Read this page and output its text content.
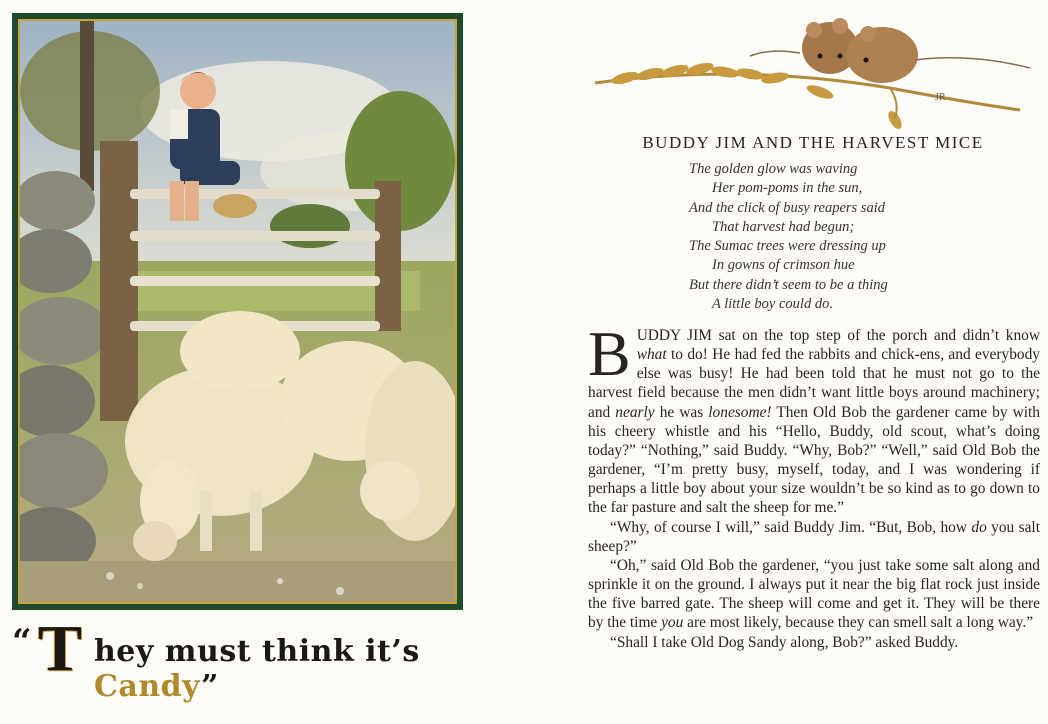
“ T hey must think it’s Candy”
JR
BUDDY JIM AND THE HARVEST MICE
The golden glow was waving
Her pom-poms in the sun,
And the click of busy reapers said
That harvest had begun;
The Sumac trees were dressing up
In gowns of crimson hue
But there didn’t seem to be a thing
A little boy could do.

BUDDY JIM sat on the top step of the porch and didn’t know what to do! He had fed the rabbits and chick-ens, and everybody else was busy! He had been told that he must not go to the harvest field because the men didn’t want little boys around machinery; and nearly he was lonesome! Then Old Bob the gardener came by with his cheery whistle and his “Hello, Buddy, old scout, what’s doing today?” “Nothing,” said Buddy. “Why, Bob?” “Well,” said Old Bob the gardener, “I’m pretty busy, myself, today, and I was wondering if perhaps a little boy about your size wouldn’t be so kind as to go down to the far pasture and salt the sheep for me.”

“Why, of course I will,” said Buddy Jim. “But, Bob, how do you salt sheep?”

“Oh,” said Old Bob the gardener, “you just take some salt along and sprinkle it on the ground. I always put it near the big flat rock just inside the five barred gate. The sheep will come and get it. They will be there by the time you are most likely, because they can smell salt a long way.”

“Shall I take Old Dog Sandy along, Bob?” asked Buddy.
